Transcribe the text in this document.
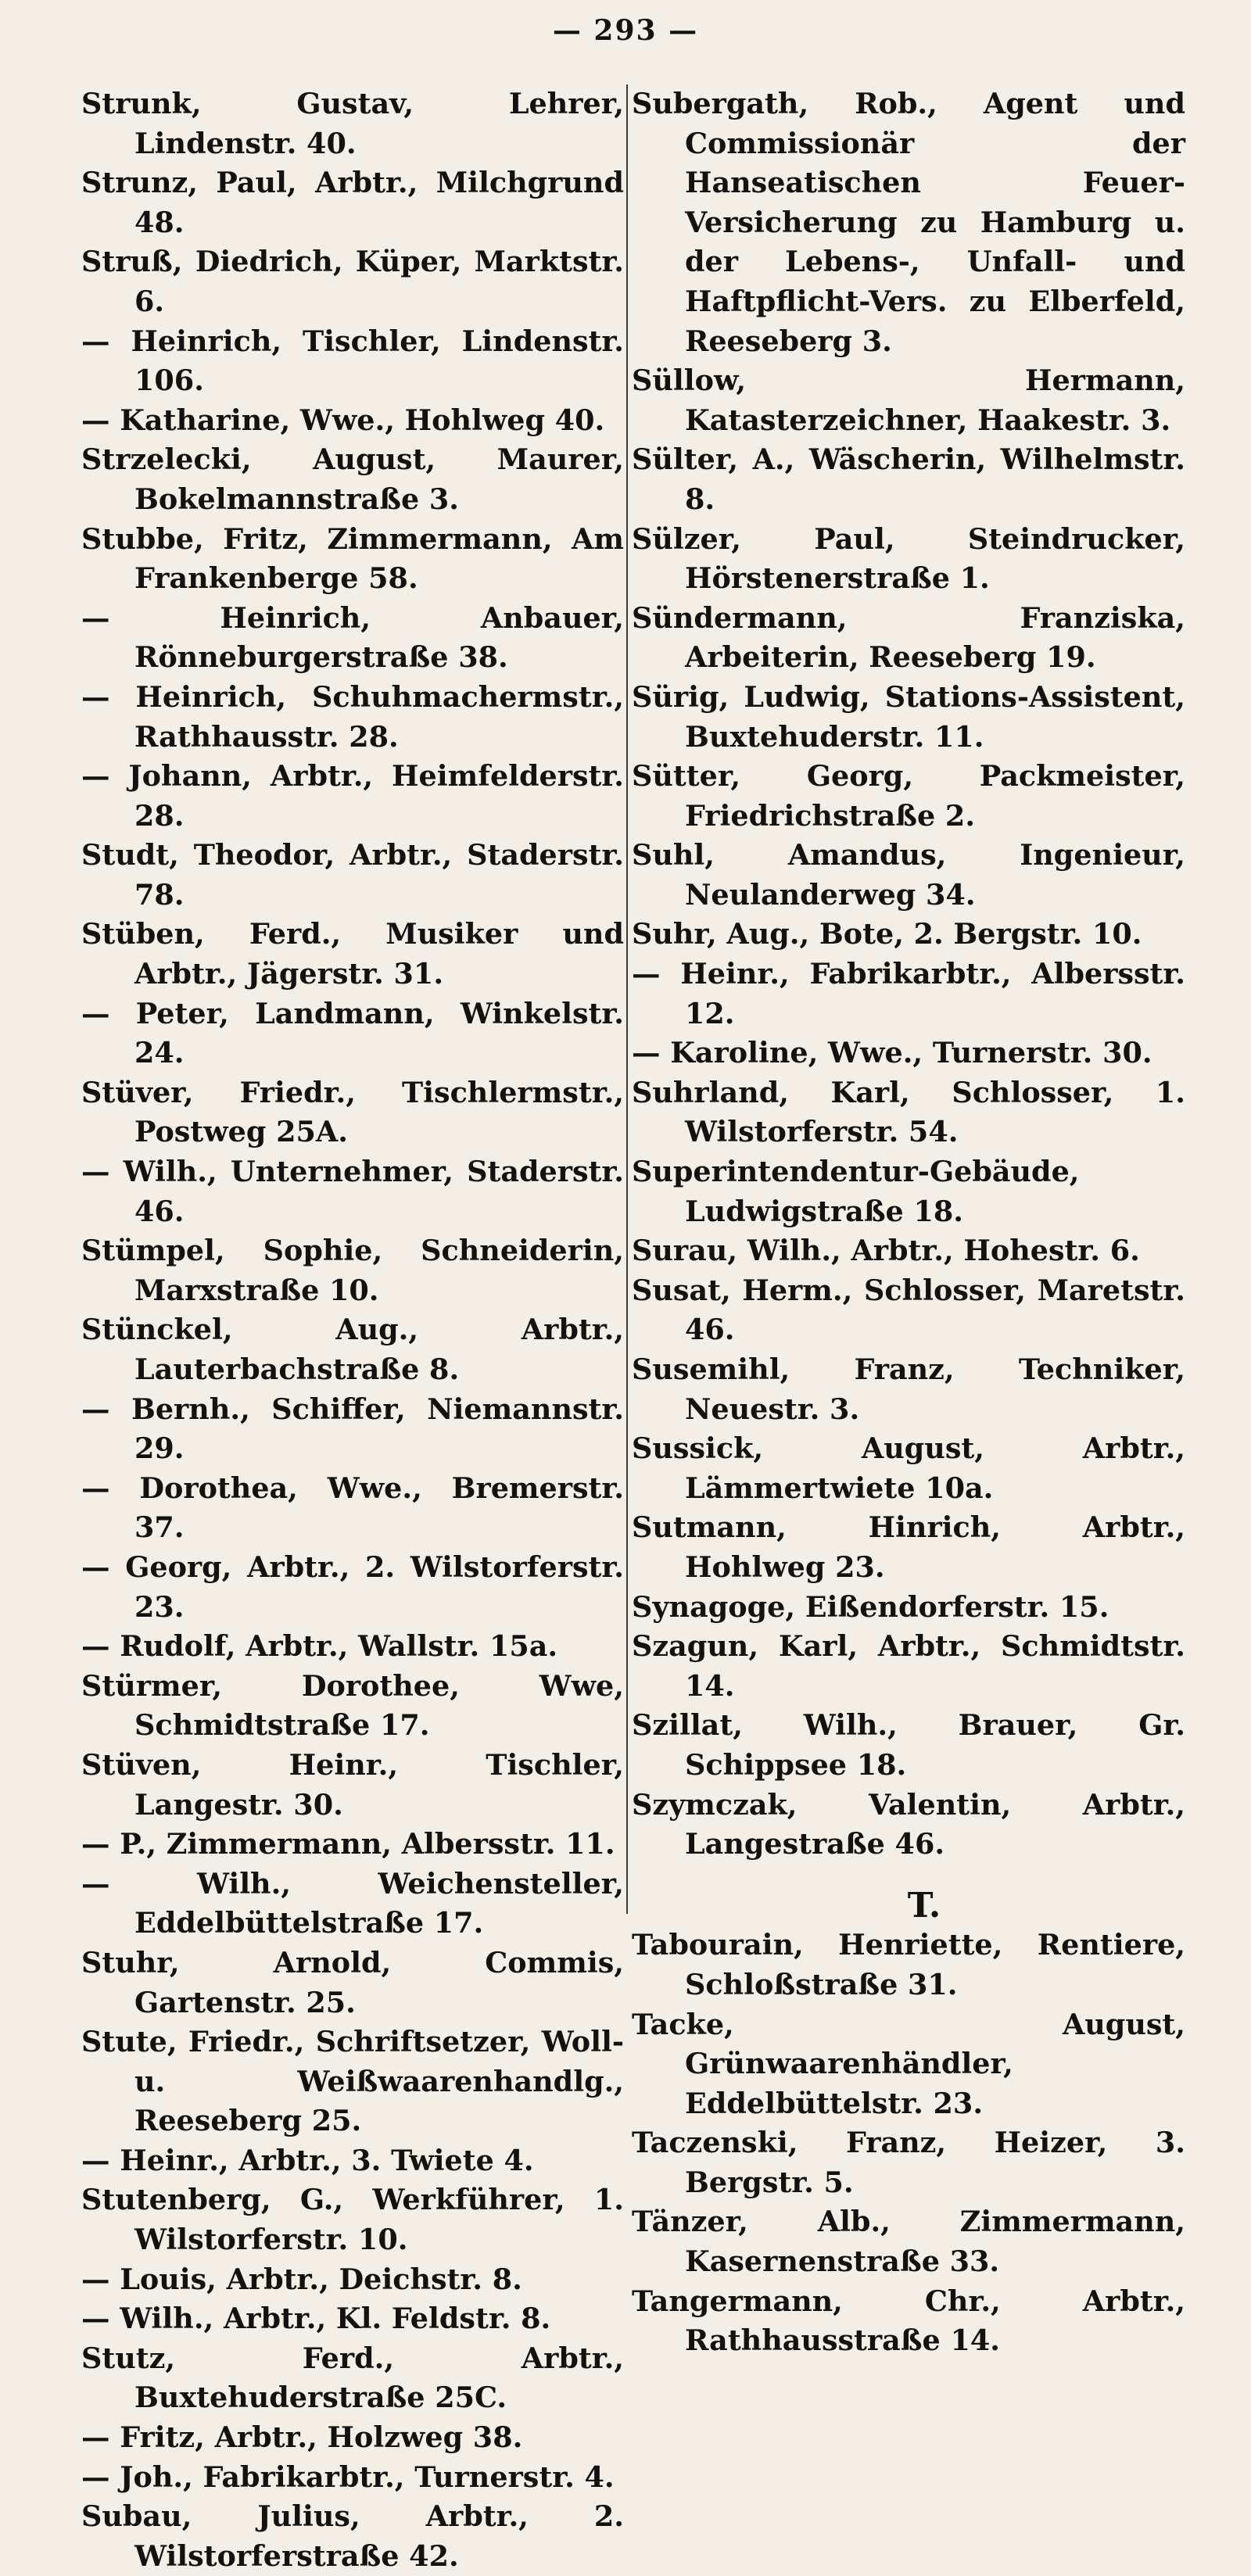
— 293 —
Strunk, Gustav, Lehrer, Lindenstr. 40.
Strunz, Paul, Arbtr., Milchgrund 48.
Struß, Diedrich, Küper, Marktstr. 6.
— Heinrich, Tischler, Lindenstr. 106.
— Katharine, Wwe., Hohlweg 40.
Strzelecki, August, Maurer, Bokelmannstraße 3.
Stubbe, Fritz, Zimmermann, Am Frankenberge 58.
— Heinrich, Anbauer, Rönneburgerstraße 38.
— Heinrich, Schuhmachermstr., Rathhausstr. 28.
— Johann, Arbtr., Heimfelderstr. 28.
Studt, Theodor, Arbtr., Staderstr. 78.
Stüben, Ferd., Musiker und Arbtr., Jägerstr. 31.
— Peter, Landmann, Winkelstr. 24.
Stüver, Friedr., Tischlermstr., Postweg 25A.
— Wilh., Unternehmer, Staderstr. 46.
Stümpel, Sophie, Schneiderin, Marxstraße 10.
Stünckel, Aug., Arbtr., Lauterbachstraße 8.
— Bernh., Schiffer, Niemannstr. 29.
— Dorothea, Wwe., Bremerstr. 37.
— Georg, Arbtr., 2. Wilstorferstr. 23.
— Rudolf, Arbtr., Wallstr. 15a.
Stürmer, Dorothee, Wwe, Schmidtstraße 17.
Stüven, Heinr., Tischler, Langestr. 30.
— P., Zimmermann, Albersstr. 11.
— Wilh., Weichensteller, Eddelbüttelstraße 17.
Stuhr, Arnold, Commis, Gartenstr. 25.
Stute, Friedr., Schriftsetzer, Woll- u. Weißwaarenhandlg., Reeseberg 25.
— Heinr., Arbtr., 3. Twiete 4.
Stutenberg, G., Werkführer, 1. Wilstorferstr. 10.
— Louis, Arbtr., Deichstr. 8.
— Wilh., Arbtr., Kl. Feldstr. 8.
Stutz, Ferd., Arbtr., Buxtehuderstraße 25C.
— Fritz, Arbtr., Holzweg 38.
— Joh., Fabrikarbtr., Turnerstr. 4.
Subau, Julius, Arbtr., 2. Wilstorferstraße 42.
Subergath, Rob., Agent und Commissionär der Hanseatischen Feuer-Versicherung zu Hamburg u. der Lebens-, Unfall- und Haftpflicht-Vers. zu Elberfeld, Reeseberg 3.
Süllow, Hermann, Katasterzeichner, Haakestr. 3.
Sülter, A., Wäscherin, Wilhelmstr. 8.
Sülzer, Paul, Steindrucker, Hörstenerstraße 1.
Sündermann, Franziska, Arbeiterin, Reeseberg 19.
Sürig, Ludwig, Stations-Assistent, Buxtehuderstr. 11.
Sütter, Georg, Packmeister, Friedrichstraße 2.
Suhl, Amandus, Ingenieur, Neulanderweg 34.
Suhr, Aug., Bote, 2. Bergstr. 10.
— Heinr., Fabrikarbtr., Albersstr. 12.
— Karoline, Wwe., Turnerstr. 30.
Suhrland, Karl, Schlosser, 1. Wilstorferstr. 54.
Superintendentur-Gebäude, Ludwigstraße 18.
Surau, Wilh., Arbtr., Hohestr. 6.
Susat, Herm., Schlosser, Maretstr. 46.
Susemihl, Franz, Techniker, Neuestr. 3.
Sussick, August, Arbtr., Lämmertwiete 10a.
Sutmann, Hinrich, Arbtr., Hohlweg 23.
Synagoge, Eißendorferstr. 15.
Szagun, Karl, Arbtr., Schmidtstr. 14.
Szillat, Wilh., Brauer, Gr. Schippsee 18.
Szymczak, Valentin, Arbtr., Langestraße 46.
T.
Tabourain, Henriette, Rentiere, Schloßstraße 31.
Tacke, August, Grünwaarenhändler, Eddelbüttelstr. 23.
Taczenski, Franz, Heizer, 3. Bergstr. 5.
Tänzer, Alb., Zimmermann, Kasernenstraße 33.
Tangermann, Chr., Arbtr., Rathhausstraße 14.
